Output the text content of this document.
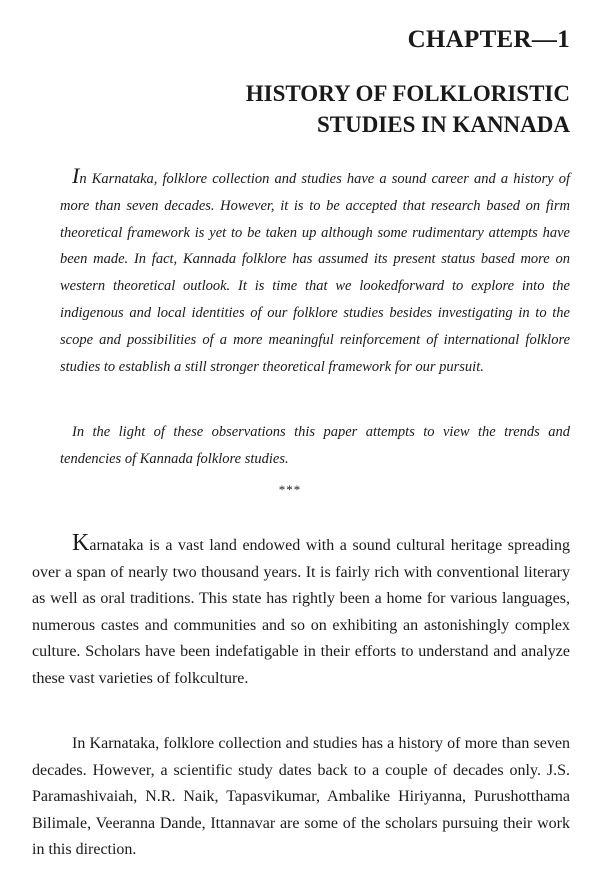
CHAPTER—1
HISTORY OF FOLKLORISTIC
STUDIES IN KANNADA

In Karnataka, folklore collection and studies have a sound career and a history of more than seven decades. However, it is to be accepted that research based on firm theoretical framework is yet to be taken up although some rudimentary attempts have been made. In fact, Kannada folklore has assumed its present status based more on western theoretical outlook. It is time that we lookedforward to explore into the indigenous and local identities of our folklore studies besides investigating in to the scope and possibilities of a more meaningful reinforcement of international folklore studies to establish a still stronger theoretical framework for our pursuit.

In the light of these observations this paper attempts to view the trends and tendencies of Kannada folklore studies.

***

Karnataka is a vast land endowed with a sound cultural heritage spreading over a span of nearly two thousand years. It is fairly rich with conventional literary as well as oral traditions. This state has rightly been a home for various languages, numerous castes and communities and so on exhibiting an astonishingly complex culture. Scholars have been indefatigable in their efforts to understand and analyze these vast varieties of folkculture.

In Karnataka, folklore collection and studies has a history of more than seven decades. However, a scientific study dates back to a couple of decades only. J.S. Paramashivaiah, N.R. Naik, Tapasvikumar, Ambalike Hiriyanna, Purushotthama Bilimale, Veeranna Dande, Ittannavar are some of the scholars pursuing their work in this direction.
